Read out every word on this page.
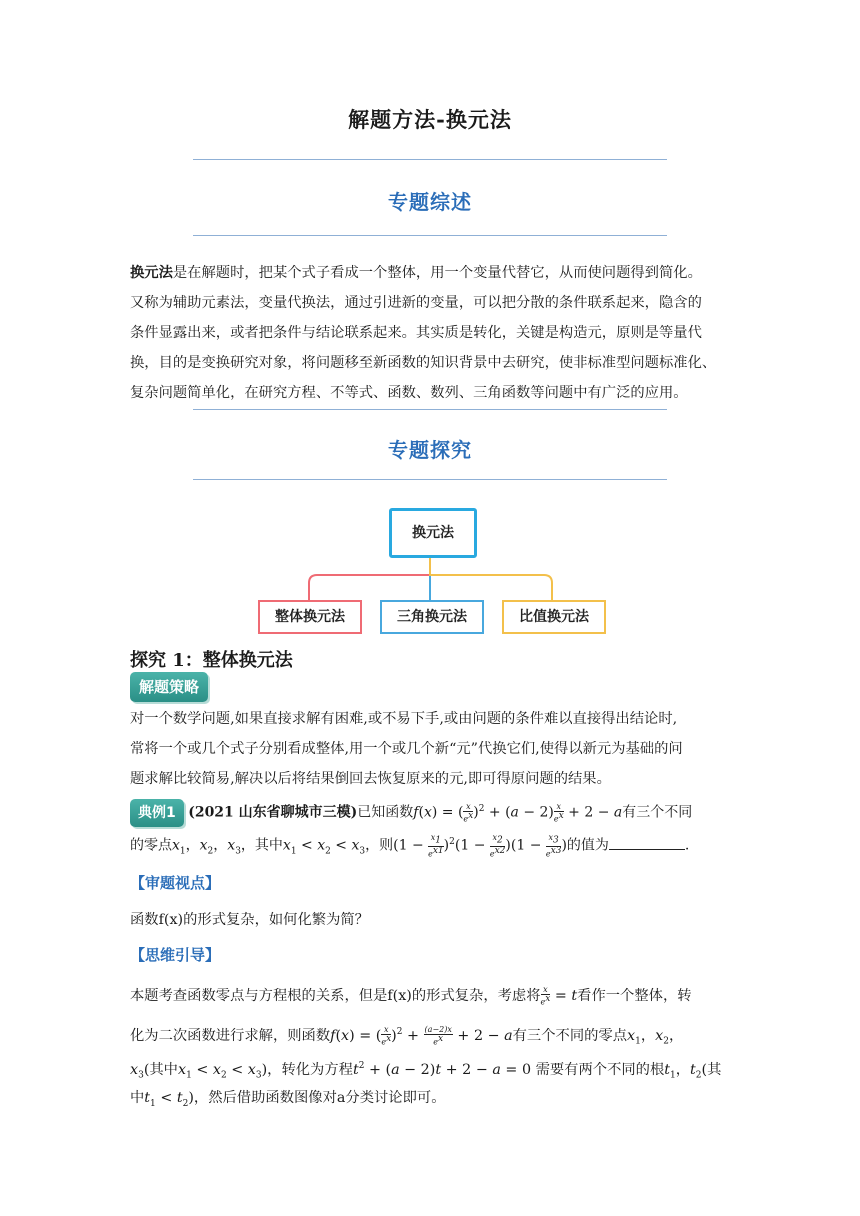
解题方法-换元法
专题综述
换元法是在解题时，把某个式子看成一个整体，用一个变量代替它，从而使问题得到简化。
又称为辅助元素法，变量代换法，通过引进新的变量，可以把分散的条件联系起来，隐含的
条件显露出来，或者把条件与结论联系起来。其实质是转化，关键是构造元，原则是等量代
换，目的是变换研究对象，将问题移至新函数的知识背景中去研究，使非标准型问题标准化、
复杂问题简单化，在研究方程、不等式、函数、数列、三角函数等问题中有广泛的应用。
专题探究
换元法
整体换元法	三角换元法	比值换元法
探究 1：整体换元法
解题策略
对一个数学问题,如果直接求解有困难,或不易下手,或由问题的条件难以直接得出结论时,
常将一个或几个式子分别看成整体,用一个或几个新“元”代换它们,使得以新元为基础的问
题求解比较简易,解决以后将结果倒回去恢复原来的元,即可得原问题的结果。
典例1 (2021 山东省聊城市三模)已知函数f(x) = ( $\frac{x}{e^x} )^2 + (a - 2) \frac{x}{e^x} + 2 - a$有三个不同
的零点$x_1$，$x_2$，$x_3$，其中$x_1 < x_2 < x_3$，则$(1 - \frac{x_1}{e^{x1}} )^2(1 - \frac{x_2}{e^{x2}} )(1 - \frac{x_3}{e^{x3}}$ )的值为	.
【审题视点】
函数f(x)的形式复杂，如何化繁为简？
【思维引导】
本题考查函数零点与方程根的关系，但是f(x)的形式复杂，考虑将 $\frac{x}{e^x} = t$看作一个整体，转
化为二次函数进行求解，则函数f(x) = ( $\frac{x}{e^x} )^2 + \frac{(a-2)x}{e^x} + 2 - a$有三个不同的零点$x_1$，$x_2$，
$x_3$(其中$x_1 < x_2 < x_3$)，转化为方程$t^2 + (a - 2)t + 2 - a = 0$ 需要有两个不同的根$t_1$，$t_2$(其
中$t_1 < t_2$)，然后借助函数图像对a分类讨论即可。
